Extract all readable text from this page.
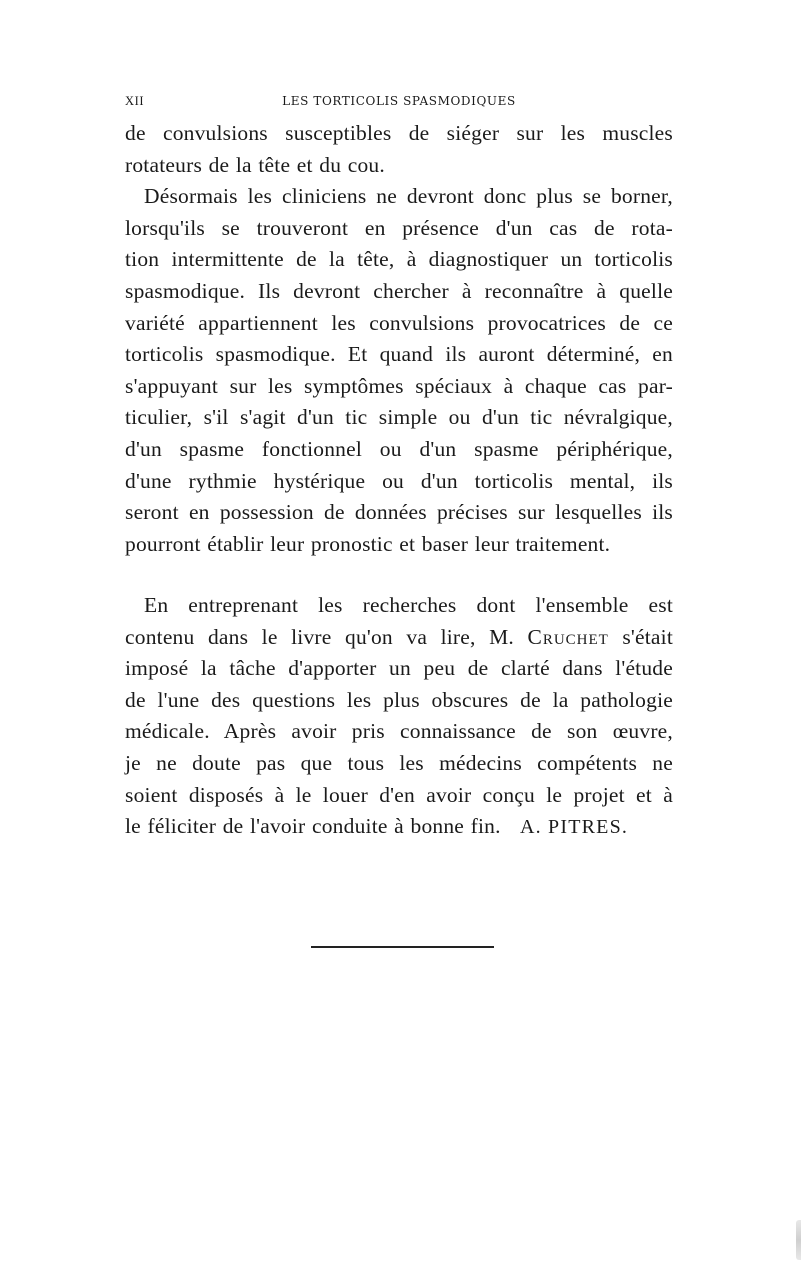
XII	LES TORTICOLIS SPASMODIQUES
de convulsions susceptibles de siéger sur les muscles
rotateurs de la tête et du cou.
Désormais les cliniciens ne devront donc plus se borner,
lorsqu'ils se trouveront en présence d'un cas de rota-
tion intermittente de la tête, à diagnostiquer un torticolis
spasmodique. Ils devront chercher à reconnaître à quelle
variété appartiennent les convulsions provocatrices de ce
torticolis spasmodique. Et quand ils auront déterminé, en
s'appuyant sur les symptômes spéciaux à chaque cas par-
ticulier, s'il s'agit d'un tic simple ou d'un tic névralgique,
d'un spasme fonctionnel ou d'un spasme périphérique,
d'une rythmie hystérique ou d'un torticolis mental, ils
seront en possession de données précises sur lesquelles ils
pourront établir leur pronostic et baser leur traitement.
En entreprenant les recherches dont l'ensemble est
contenu dans le livre qu'on va lire, M. Cruchet s'était
imposé la tâche d'apporter un peu de clarté dans l'étude
de l'une des questions les plus obscures de la pathologie
médicale. Après avoir pris connaissance de son œuvre,
je ne doute pas que tous les médecins compétents ne
soient disposés à le louer d'en avoir conçu le projet et à
le féliciter de l'avoir conduite à bonne fin. A. PITRES.
